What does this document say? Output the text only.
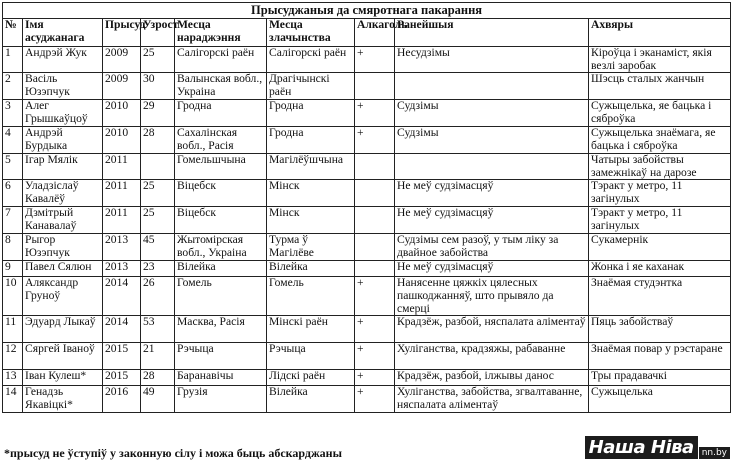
Прысуджаныя да смяротнага пакарання								
№	Імя асуджанага	Прысуд	Узрост	Месца нараджэння	Месца злачынства	Алкаголь	Ранейшыя	Ахвяры
1	Андрэй Жук	2009	25	Салігорскі раён	Салігорскі раён	+	Несудзімы	Кіроўца і эканаміст, якія везлі заробак
2	Васіль Юзэпчук	2009	30	Валынская вобл., Украіна	Драгічынскі раён			Шэсць сталых жанчын
3	Алег Грышкаўцоў	2010	29	Гродна	Гродна	+	Судзімы	Сужыцелька, яе бацька і сяброўка
4	Андрэй Бурдыка	2010	28	Сахалінская вобл., Расія	Гродна	+	Судзімы	Сужыцелька знаёмага, яе бацька і сяброўка
5	Ігар Мялік	2011		Гомельшчына	Магілёўшчына			Чатыры забойствы замежнікаў на дарозе
6	Уладзіслаў Кавалёў	2011	25	Віцебск	Мінск		Не меў судзімасцяў	Тэракт у метро, 11 загінулых
7	Дзмітрый Канавалаў	2011	25	Віцебск	Мінск		Не меў судзімасцяў	Тэракт у метро, 11 загінулых
8	Рыгор Юзэпчук	2013	45	Жытомірская вобл., Украіна	Турма ў Магілёве		Судзімы сем разоў, у тым ліку за двайное забойства	Сукамернік
9	Павел Сялюн	2013	23	Вілейка	Вілейка		Не меў судзімасцяў	Жонка і яе каханак
10	Аляксандр Груноў	2014	26	Гомель	Гомель	+	Нанясенне цяжкіх цялесных пашкоджанняў, што прывяло да смерці	Знаёмая студэнтка
11	Эдуард Лыкаў	2014	53	Масква, Расія	Мінскі раён	+	Крадзёж, разбой, няспалата аліментаў	Пяць забойстваў
12	Сяргей Іваноў	2015	21	Рэчыца	Рэчыца	+	Хуліганства, крадзяжы, рабаванне	Знаёмая повар у рэстаране
13	Іван Кулеш*	2015	28	Баранавічы	Лідскі раён	+	Крадзёж, разбой, ілжывы данос	Тры прадавачкі
14	Генадзь Якавіцкі*	2016	49	Грузія	Вілейка	+	Хуліганства, забойства, згвалтаванне, няспалата аліментаў	Сужыцелька
*прысуд не ўступіў у законную сілу і можа быць абскарджаны	Наша Ніва nn.by
